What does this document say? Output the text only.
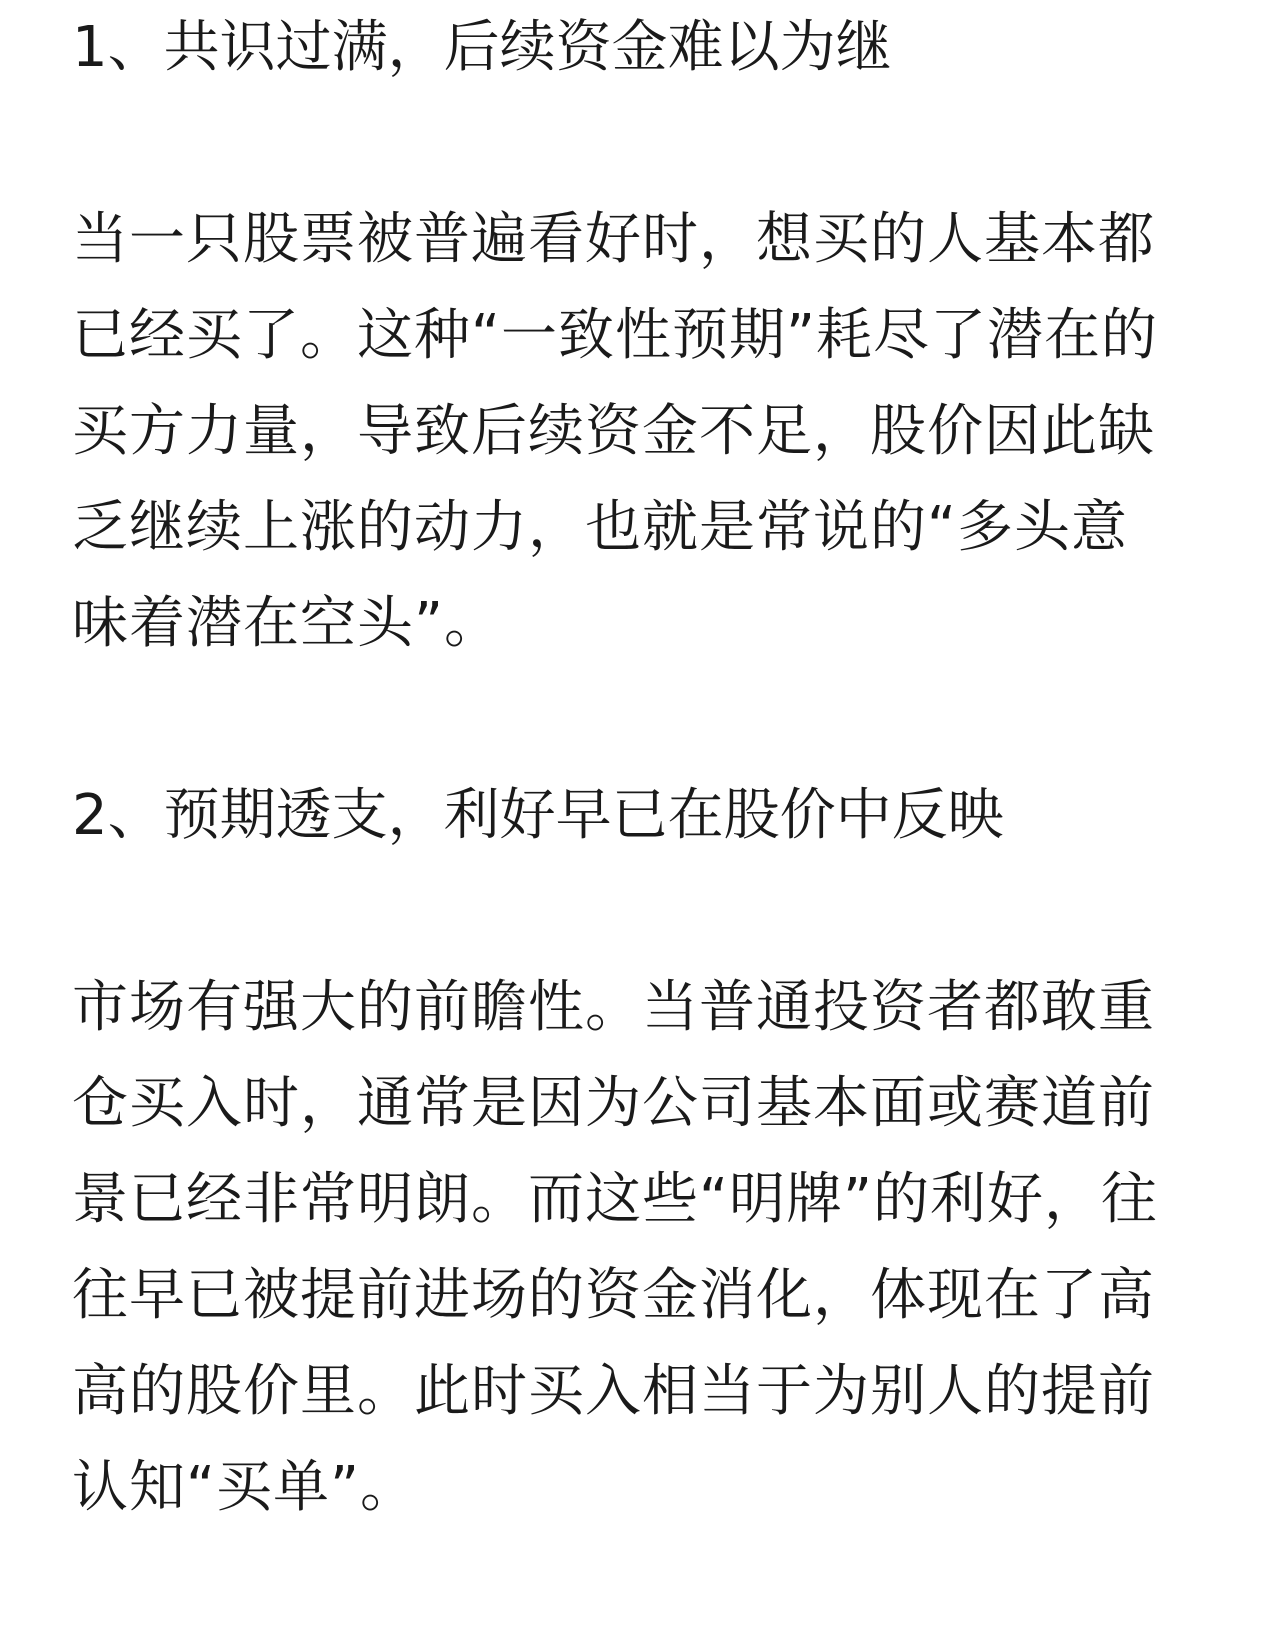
1、共识过满，后续资金难以为继
当一只股票被普遍看好时，想买的人基本都
已经买了。这种“一致性预期”耗尽了潜在的
买方力量，导致后续资金不足，股价因此缺
乏继续上涨的动力，也就是常说的“多头意
味着潜在空头”。
2、预期透支，利好早已在股价中反映
市场有强大的前瞻性。当普通投资者都敢重
仓买入时，通常是因为公司基本面或赛道前
景已经非常明朗。而这些“明牌”的利好，往
往早已被提前进场的资金消化，体现在了高
高的股价里。此时买入相当于为别人的提前
认知“买单”。
